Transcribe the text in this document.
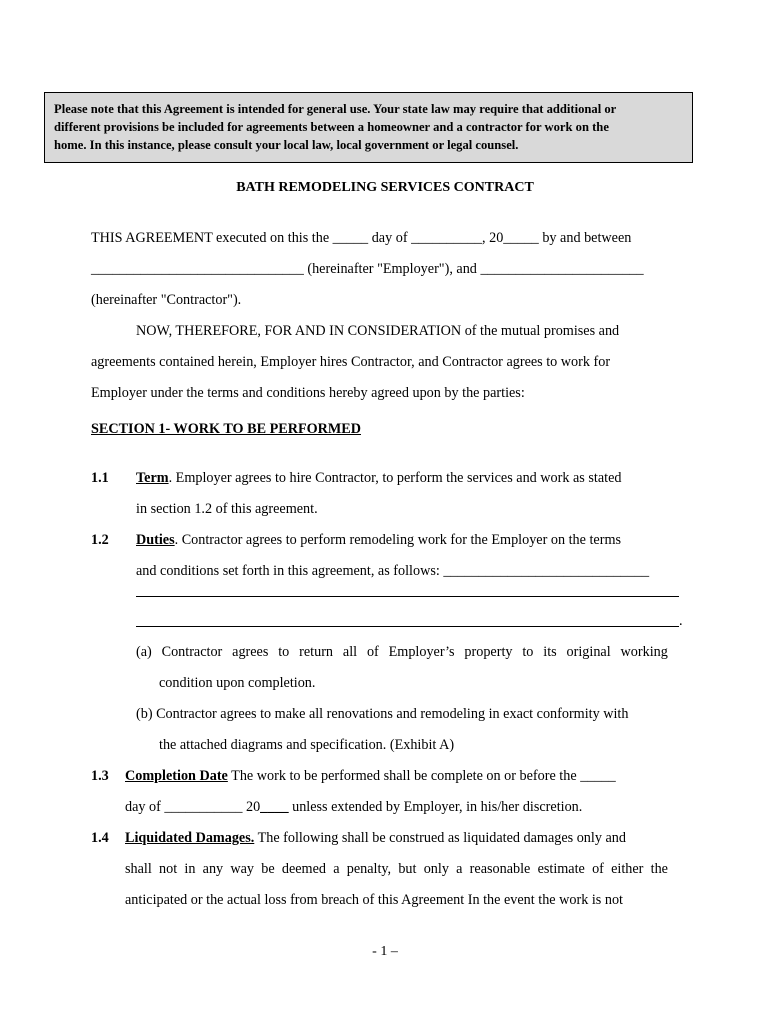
Please note that this Agreement is intended for general use. Your state law may require that additional or
different provisions be included for agreements between a homeowner and a contractor for work on the
home. In this instance, please consult your local law, local government or legal counsel.
BATH REMODELING SERVICES CONTRACT
THIS AGREEMENT executed on this the _____ day of __________, 20_____ by and between
______________________________ (hereinafter "Employer"), and _______________________
(hereinafter "Contractor").
NOW, THEREFORE, FOR AND IN CONSIDERATION of the mutual promises and
agreements contained herein, Employer hires Contractor, and Contractor agrees to work for
Employer under the terms and conditions hereby agreed upon by the parties:
SECTION 1- WORK TO BE PERFORMED
1.1 Term. Employer agrees to hire Contractor, to perform the services and work as stated
in section 1.2 of this agreement.
1.2 Duties. Contractor agrees to perform remodeling work for the Employer on the terms
and conditions set forth in this agreement, as follows: _____________________________
.
(a) Contractor agrees to return all of Employer’s property to its original working
condition upon completion.
(b) Contractor agrees to make all renovations and remodeling in exact conformity with
the attached diagrams and specification. (Exhibit A)
1.3 Completion Date The work to be performed shall be complete on or before the _____
day of ___________ 20____ unless extended by Employer, in his/her discretion.
1.4 Liquidated Damages. The following shall be construed as liquidated damages only and
shall not in any way be deemed a penalty, but only a reasonable estimate of either the
anticipated or the actual loss from breach of this Agreement In the event the work is not
- 1 –
